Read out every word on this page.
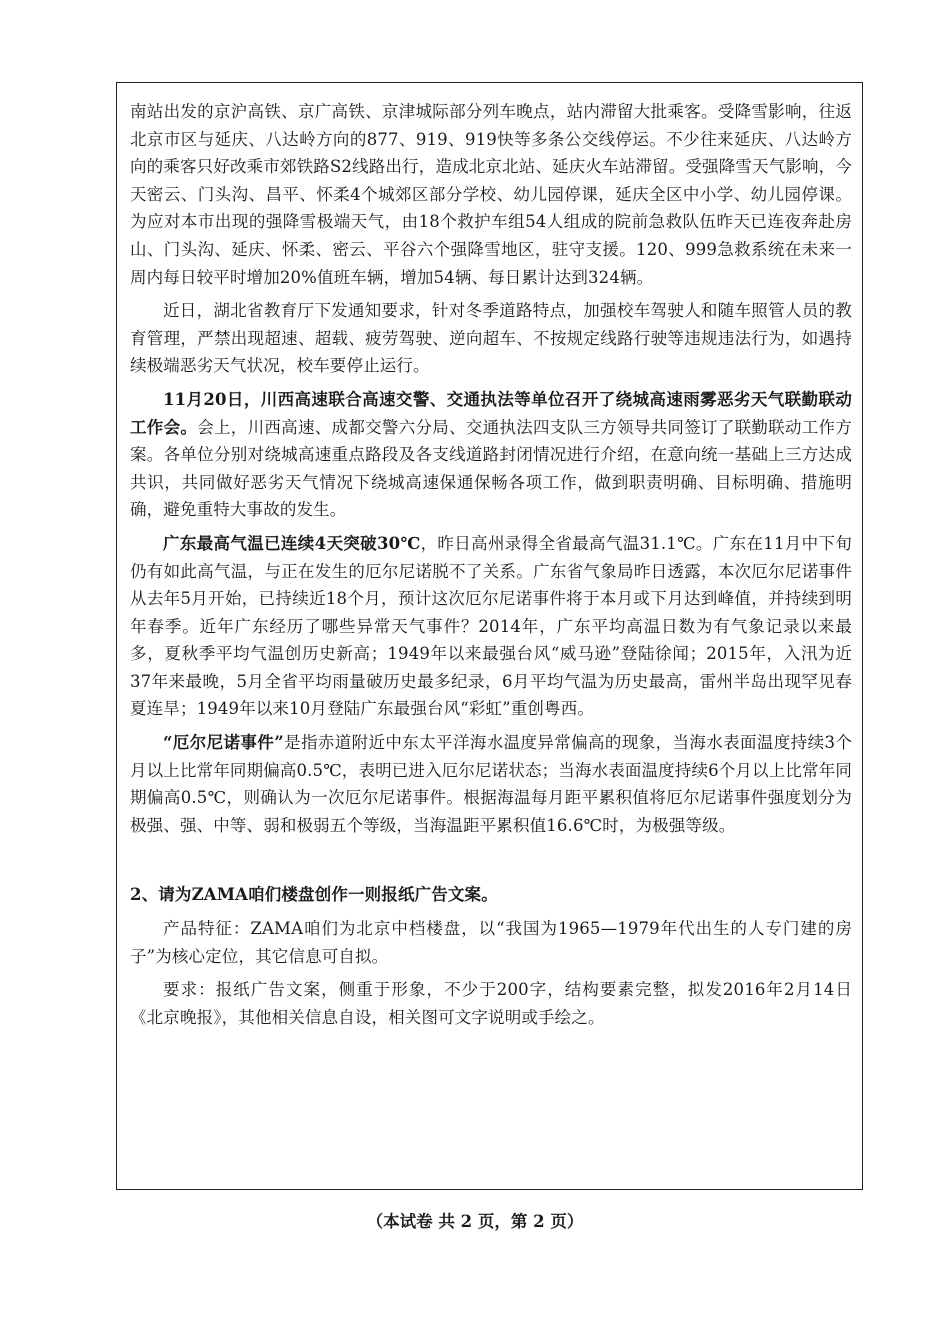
南站出发的京沪高铁、京广高铁、京津城际部分列车晚点，站内滞留大批乘客。受降雪影响，往返北京市区与延庆、八达岭方向的877、919、919快等多条公交线停运。不少往来延庆、八达岭方向的乘客只好改乘市郊铁路S2线路出行，造成北京北站、延庆火车站滞留。受强降雪天气影响，今天密云、门头沟、昌平、怀柔4个城郊区部分学校、幼儿园停课，延庆全区中小学、幼儿园停课。为应对本市出现的强降雪极端天气，由18个救护车组54人组成的院前急救队伍昨天已连夜奔赴房山、门头沟、延庆、怀柔、密云、平谷六个强降雪地区，驻守支援。120、999急救系统在未来一周内每日较平时增加20%值班车辆，增加54辆、每日累计达到324辆。

近日，湖北省教育厅下发通知要求，针对冬季道路特点，加强校车驾驶人和随车照管人员的教育管理，严禁出现超速、超载、疲劳驾驶、逆向超车、不按规定线路行驶等违规违法行为，如遇持续极端恶劣天气状况，校车要停止运行。

11月20日，川西高速联合高速交警、交通执法等单位召开了绕城高速雨雾恶劣天气联勤联动工作会。会上，川西高速、成都交警六分局、交通执法四支队三方领导共同签订了联勤联动工作方案。各单位分别对绕城高速重点路段及各支线道路封闭情况进行介绍，在意向统一基础上三方达成共识，共同做好恶劣天气情况下绕城高速保通保畅各项工作，做到职责明确、目标明确、措施明确，避免重特大事故的发生。

广东最高气温已连续4天突破30℃，昨日高州录得全省最高气温31.1℃。广东在11月中下旬仍有如此高气温，与正在发生的厄尔尼诺脱不了关系。广东省气象局昨日透露，本次厄尔尼诺事件从去年5月开始，已持续近18个月，预计这次厄尔尼诺事件将于本月或下月达到峰值，并持续到明年春季。近年广东经历了哪些异常天气事件？2014年，广东平均高温日数为有气象记录以来最多，夏秋季平均气温创历史新高；1949年以来最强台风“威马逊”登陆徐闻；2015年，入汛为近37年来最晚，5月全省平均雨量破历史最多纪录，6月平均气温为历史最高，雷州半岛出现罕见春夏连旱；1949年以来10月登陆广东最强台风“彩虹”重创粤西。

“厄尔尼诺事件”是指赤道附近中东太平洋海水温度异常偏高的现象，当海水表面温度持续3个月以上比常年同期偏高0.5℃，表明已进入厄尔尼诺状态；当海水表面温度持续6个月以上比常年同期偏高0.5℃，则确认为一次厄尔尼诺事件。根据海温每月距平累积值将厄尔尼诺事件强度划分为极强、强、中等、弱和极弱五个等级，当海温距平累积值16.6℃时，为极强等级。

2、请为ZAMA咱们楼盘创作一则报纸广告文案。

产品特征：ZAMA咱们为北京中档楼盘，以“我国为1965—1979年代出生的人专门建的房子”为核心定位，其它信息可自拟。

要求：报纸广告文案，侧重于形象，不少于200字，结构要素完整，拟发2016年2月14日《北京晚报》，其他相关信息自设，相关图可文字说明或手绘之。

（本试卷 共 2 页，第 2 页）
